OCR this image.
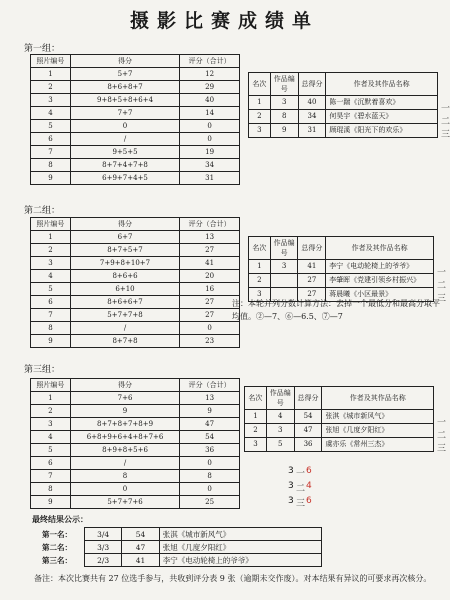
摄影比赛成绩单
第一组：
照片编号	得分	评分（合计）
1	5+7	12
2	8+6+8+7	29
3	9+8+5+8+6+4	40
4	7+7	14
5	0	0
6	/	0
7	9+5+5	19
8	8+7+4+7+8	34
9	6+9+7+4+5	31
名次	作品编号	总得分	作者及其作品名称
1	3	40	陈一踹《沉默着喜欢》
2	8	34	何昊宇《碧水蓝天》
3	9	31	顾琨溪《阳光下的欢乐》
一
二
三
第二组：
照片编号	得分	评分（合计）
1	6+7	13
2	8+7+5+7	27
3	7+9+8+10+7	41
4	8+6+6	20
5	6+10	16
6	8+6+6+7	27
7	5+7+7+8	27
8	/	0
9	8+7+8	23
名次	作品编号	总得分	作者及其作品名称
1	3	41	李宁《电动轮椅上的爷爷》
2		27	李肇晖《党建引领乡村振兴》
3		27	蒋晨曦《小区最景》
一
二
三
注：本轮并列分数计算方法：去掉一个最低分和最高分取平均值。②—7、⑥—6.5、⑦—7
第三组：
照片编号	得分	评分（合计）
1	7+6	13
2	9	9
3	8+7+8+7+8+9	47
4	6+8+9+6+4+8+7+6	54
5	8+9+8+5+6	36
6	/	0
7	8	8
8	0	0
9	5+7+7+6	25
名次	作品编号	总得分	作者及其作品名称
1	4	54	张淇《城市新风气》
2	3	47	张旭《几度夕阳红》
3	5	36	虞亦乐《常州三杰》
一
二
三
3 一 6
3 二 4
3 三 6
最终结果公示：
第一名：	3/4	54	张淇《城市新风气》
第二名：	3/3	47	张旭《几度夕阳红》
第三名：	2/3	41	李宁《电动轮椅上的爷爷》
备注：本次比赛共有 27 位选手参与，共收到评分表 9 张（逾期未交作废）。对本结果有异议的可要求再次核分。
